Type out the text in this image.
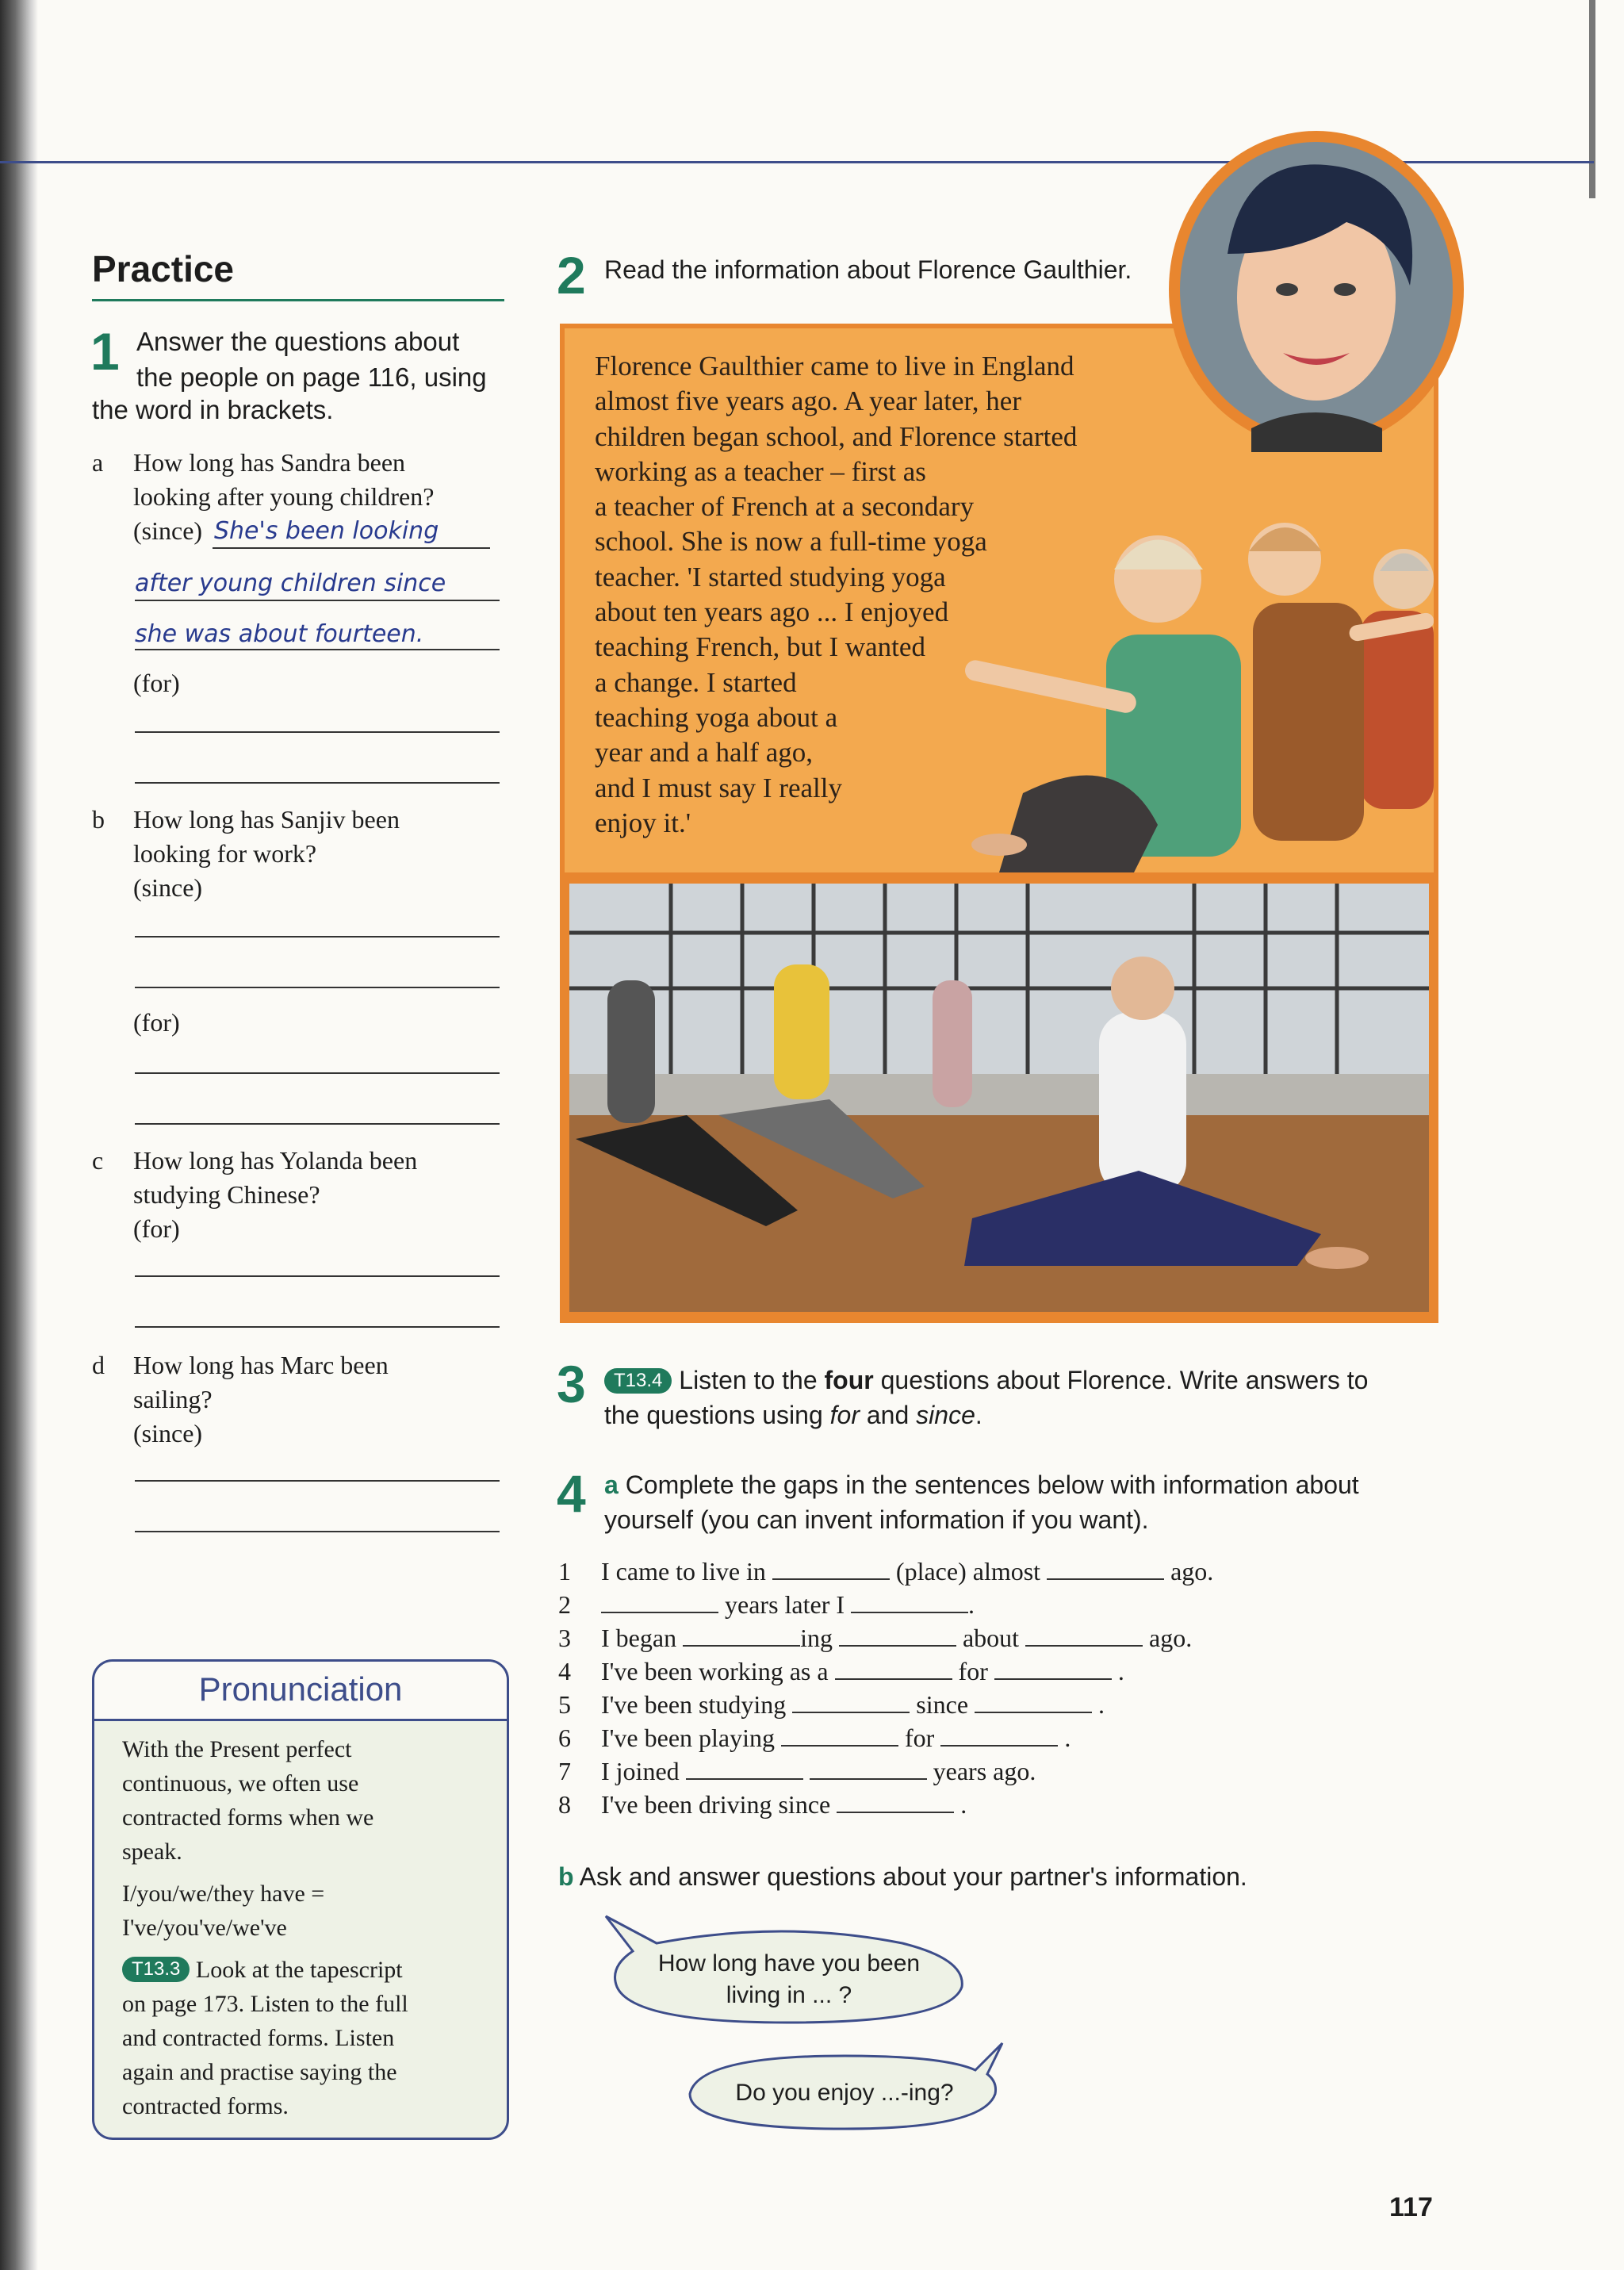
Practice
1 Answer the questions about
the people on page 116, using
the word in brackets.
a How long has Sandra been
looking after young children?
(since) She's been looking
after young children since
she was about fourteen.
(for)
b How long has Sanjiv been
looking for work?
(since)
(for)
c How long has Yolanda been
studying Chinese?
(for)
d How long has Marc been
sailing?
(since)
Pronunciation
With the Present perfect
continuous, we often use
contracted forms when we
speak.
I/you/we/they have =
I've/you've/we've
T13.3 Look at the tapescript
on page 173. Listen to the full
and contracted forms. Listen
again and practise saying the
contracted forms.
2 Read the information about Florence Gaulthier.
Florence Gaulthier came to live in England
almost five years ago. A year later, her
children began school, and Florence started
working as a teacher – first as
a teacher of French at a secondary
school. She is now a full-time yoga
teacher. 'I started studying yoga
about ten years ago ... I enjoyed
teaching French, but I wanted
a change. I started
teaching yoga about a
year and a half ago,
and I must say I really
enjoy it.'
3	T13.4 Listen to the four questions about Florence. Write answers to
the questions using for and since.
4 a Complete the gaps in the sentences below with information about
yourself (you can invent information if you want).
1 I came to live in	(place) almost	ago.
2	years later I	.
3 I began	ing	about	ago.
4 I've been working as a	for	.
5 I've been studying	since	.
6 I've been playing	for	.
7 I joined	years ago.
8 I've been driving since	.
b Ask and answer questions about your partner's information.
How long have you been
living in ... ?
Do you enjoy ...-ing?
117
